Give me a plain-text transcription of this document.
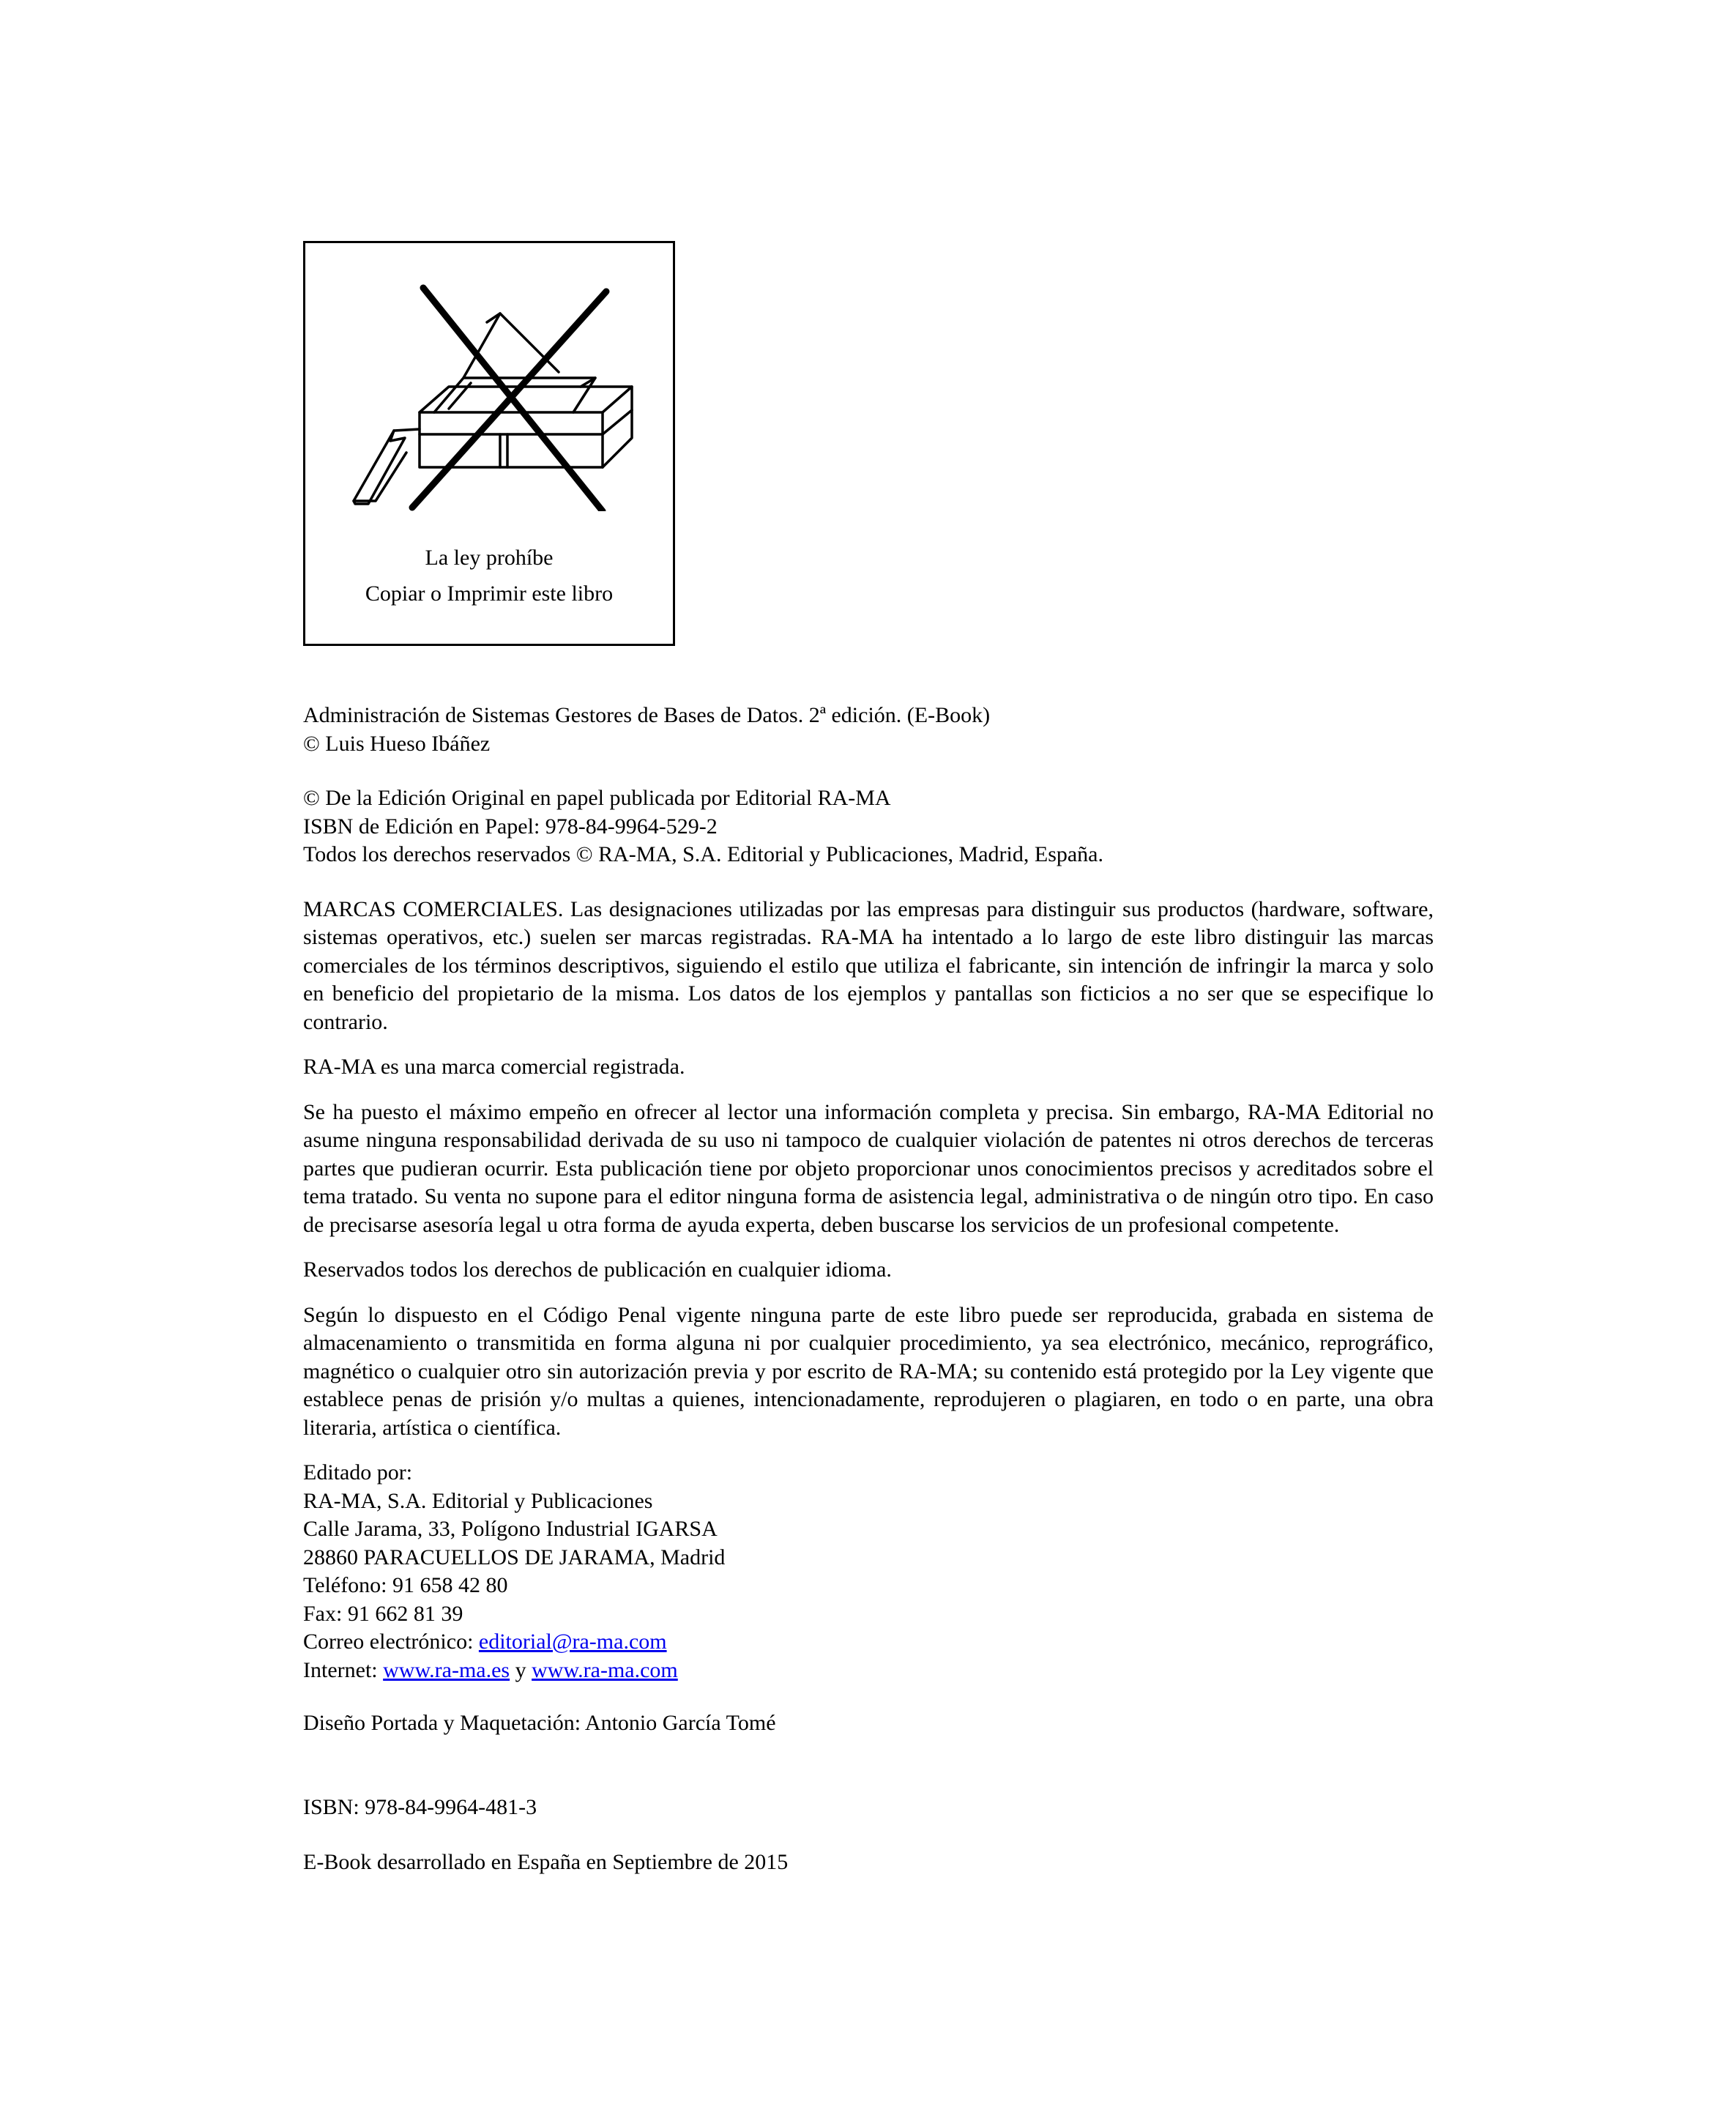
La ley prohíbe
Copiar o Imprimir este libro
Administración de Sistemas Gestores de Bases de Datos. 2ª edición. (E-Book)
© Luis Hueso Ibáñez
© De la Edición Original en papel publicada por Editorial RA-MA
ISBN de Edición en Papel: 978-84-9964-529-2
Todos los derechos reservados © RA-MA, S.A. Editorial y Publicaciones, Madrid, España.

MARCAS COMERCIALES. Las designaciones utilizadas por las empresas para distinguir sus productos (hardware, software, sistemas operativos, etc.) suelen ser marcas registradas. RA-MA ha intentado a lo largo de este libro distinguir las marcas comerciales de los términos descriptivos, siguiendo el estilo que utiliza el fabricante, sin intención de infringir la marca y solo en beneficio del propietario de la misma. Los datos de los ejemplos y pantallas son ficticios a no ser que se especifique lo contrario.

RA-MA es una marca comercial registrada.

Se ha puesto el máximo empeño en ofrecer al lector una información completa y precisa. Sin embargo, RA-MA Editorial no asume ninguna responsabilidad derivada de su uso ni tampoco de cualquier violación de patentes ni otros derechos de terceras partes que pudieran ocurrir. Esta publicación tiene por objeto proporcionar unos conocimientos precisos y acreditados sobre el tema tratado. Su venta no supone para el editor ninguna forma de asistencia legal, administrativa o de ningún otro tipo. En caso de precisarse asesoría legal u otra forma de ayuda experta, deben buscarse los servicios de un profesional competente.

Reservados todos los derechos de publicación en cualquier idioma.

Según lo dispuesto en el Código Penal vigente ninguna parte de este libro puede ser reproducida, grabada en sistema de almacenamiento o transmitida en forma alguna ni por cualquier procedimiento, ya sea electrónico, mecánico, reprográfico, magnético o cualquier otro sin autorización previa y por escrito de RA-MA; su contenido está protegido por la Ley vigente que establece penas de prisión y/o multas a quienes, intencionadamente, reprodujeren o plagiaren, en todo o en parte, una obra literaria, artística o científica.

Editado por:
RA-MA, S.A. Editorial y Publicaciones
Calle Jarama, 33, Polígono Industrial IGARSA
28860 PARACUELLOS DE JARAMA, Madrid
Teléfono: 91 658 42 80
Fax: 91 662 81 39
Correo electrónico: editorial@ra-ma.com
Internet: www.ra-ma.es y www.ra-ma.com
Diseño Portada y Maquetación: Antonio García Tomé
ISBN: 978-84-9964-481-3
E-Book desarrollado en España en Septiembre de 2015
